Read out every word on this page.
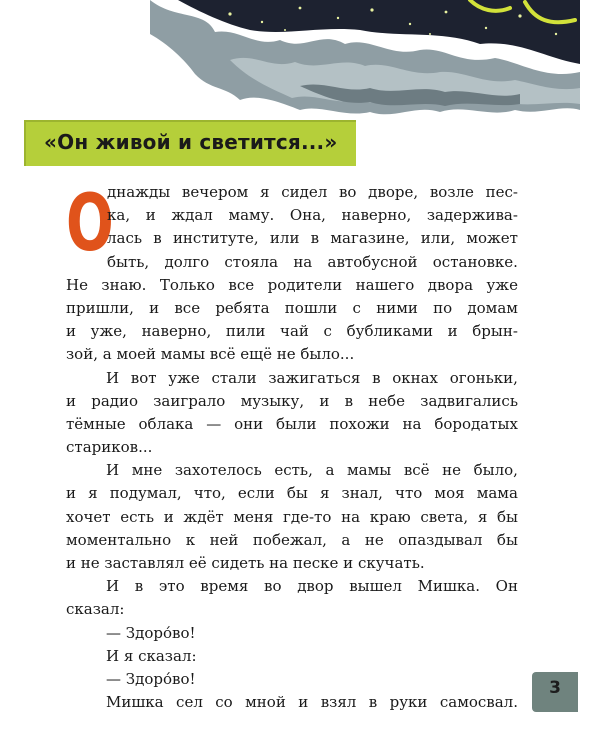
«Он живой и светится...»
О
днажды вечером я сидел во дворе, возле пес-
ка, и ждал маму. Она, наверно, задержива-
лась в институте, или в магазине, или, может
быть, долго стояла на автобусной остановке.
Не знаю. Только все родители нашего двора уже
пришли, и все ребята пошли с ними по домам
и уже, наверно, пили чай с бубликами и брын-
зой, а моей мамы всё ещё не было...
И вот уже стали зажигаться в окнах огоньки,
и радио заиграло музыку, и в небе задвигались
тёмные облака — они были похожи на бородатых
стариков...
И мне захотелось есть, а мамы всё не было,
и я подумал, что, если бы я знал, что моя мама
хочет есть и ждёт меня где-то на краю света, я бы
моментально к ней побежал, а не опаздывал бы
и не заставлял её сидеть на песке и скучать.
И в это время во двор вышел Мишка. Он
сказал:
— Здоро́во!
И я сказал:
— Здоро́во!
Мишка сел со мной и взял в руки самосвал.
3
